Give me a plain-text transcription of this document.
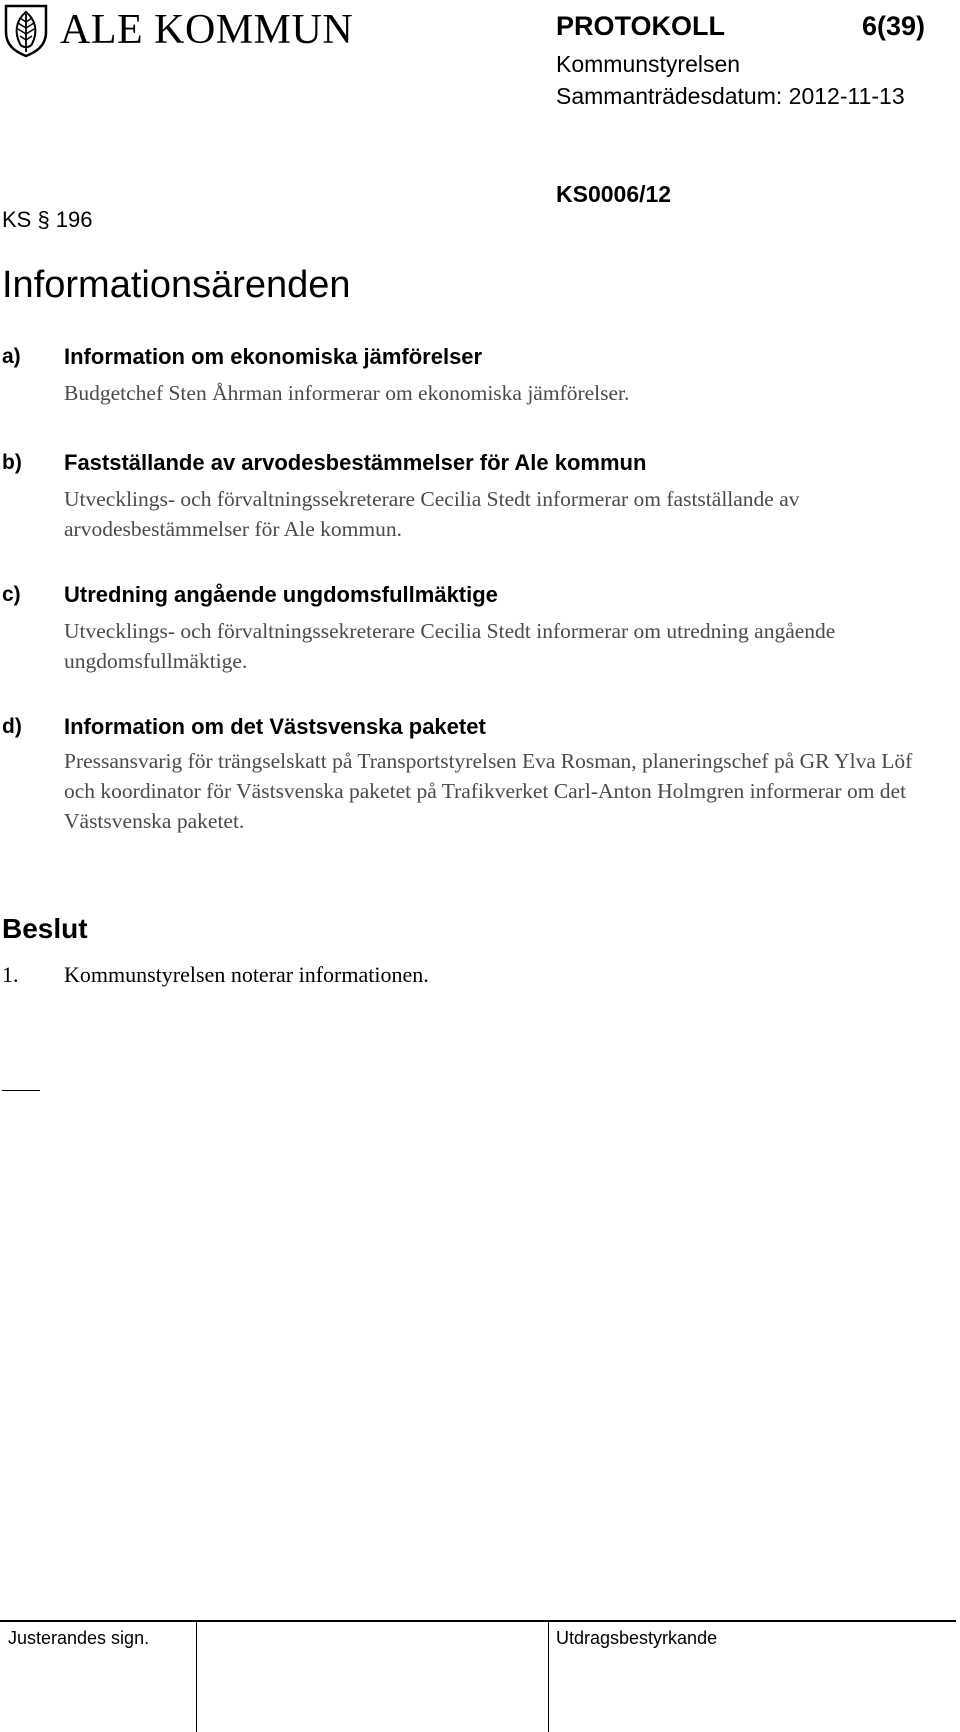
ALE KOMMUN	PROTOKOLL	6(39)
Kommunstyrelsen
Sammanträdesdatum: 2012-11-13
KS § 196
KS0006/12
Informationsärenden
a) Information om ekonomiska jämförelser
Budgetchef Sten Åhrman informerar om ekonomiska jämförelser.
b) Fastställande av arvodesbestämmelser för Ale kommun
Utvecklings- och förvaltningssekreterare Cecilia Stedt informerar om fastställande av arvodesbestämmelser för Ale kommun.
c) Utredning angående ungdomsfullmäktige
Utvecklings- och förvaltningssekreterare Cecilia Stedt informerar om utredning angående ungdomsfullmäktige.
d) Information om det Västsvenska paketet
Pressansvarig för trängselskatt på Transportstyrelsen Eva Rosman, planeringschef på GR Ylva Löf och koordinator för Västsvenska paketet på Trafikverket Carl-Anton Holmgren informerar om det Västsvenska paketet.
Beslut
1. Kommunstyrelsen noterar informationen.
Justerandes sign.	Utdragsbestyrkande
